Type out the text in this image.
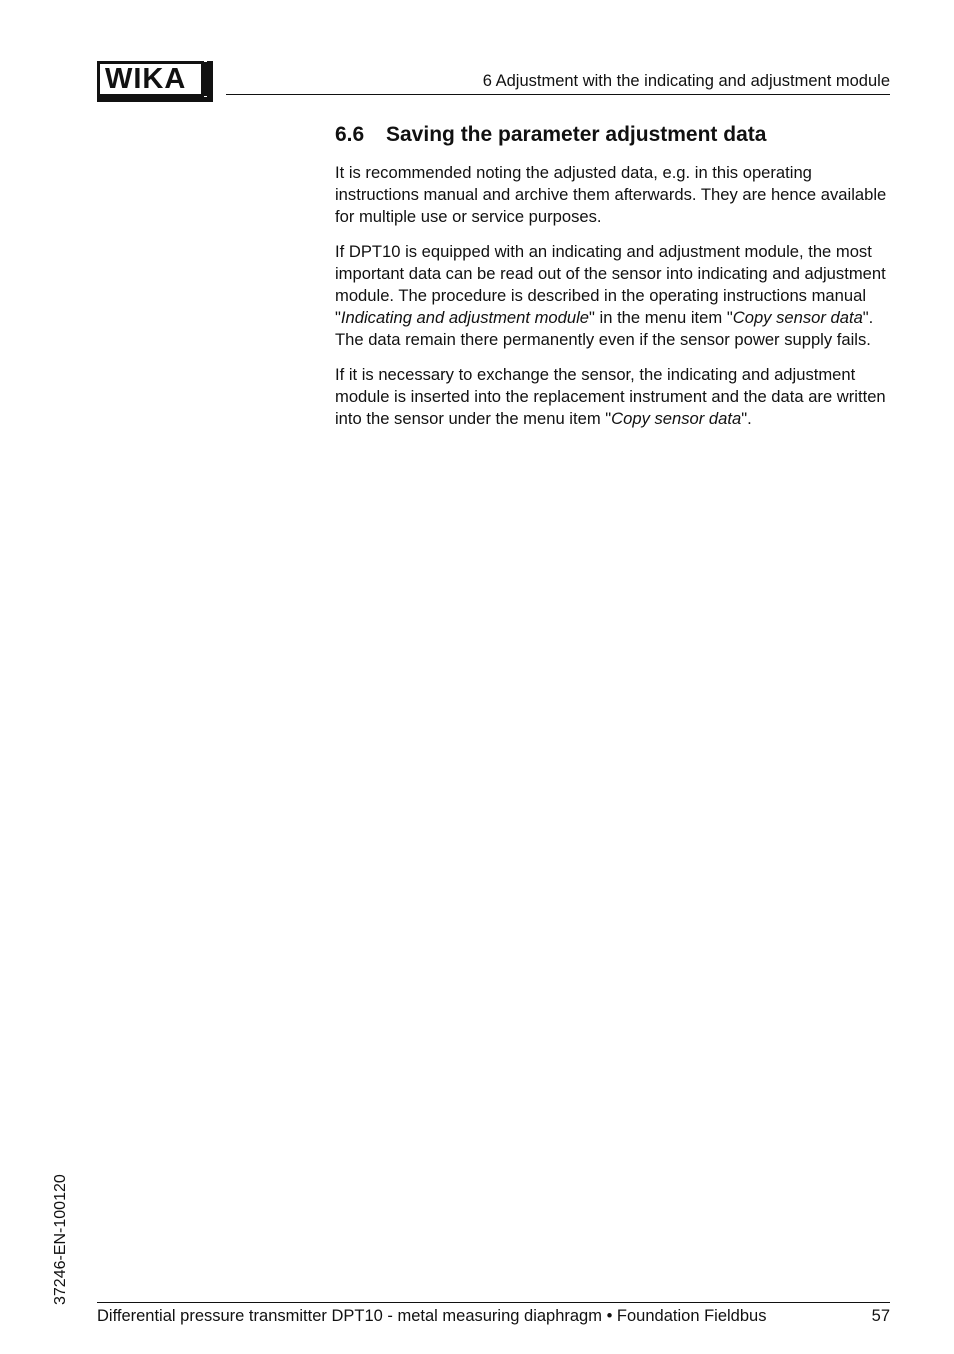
WIKA	6 Adjustment with the indicating and adjustment module
6.6 Saving the parameter adjustment data

It is recommended noting the adjusted data, e.g. in this operating instructions manual and archive them afterwards. They are hence available for multiple use or service purposes.

If DPT10 is equipped with an indicating and adjustment module, the most important data can be read out of the sensor into indicating and adjustment module. The procedure is described in the operating instructions manual "Indicating and adjustment module" in the menu item "Copy sensor data". The data remain there permanently even if the sensor power supply fails.

If it is necessary to exchange the sensor, the indicating and adjustment module is inserted into the replacement instrument and the data are written into the sensor under the menu item "Copy sensor data".

37246-EN-100120
Differential pressure transmitter DPT10 - metal measuring diaphragm • Foundation Fieldbus	57
